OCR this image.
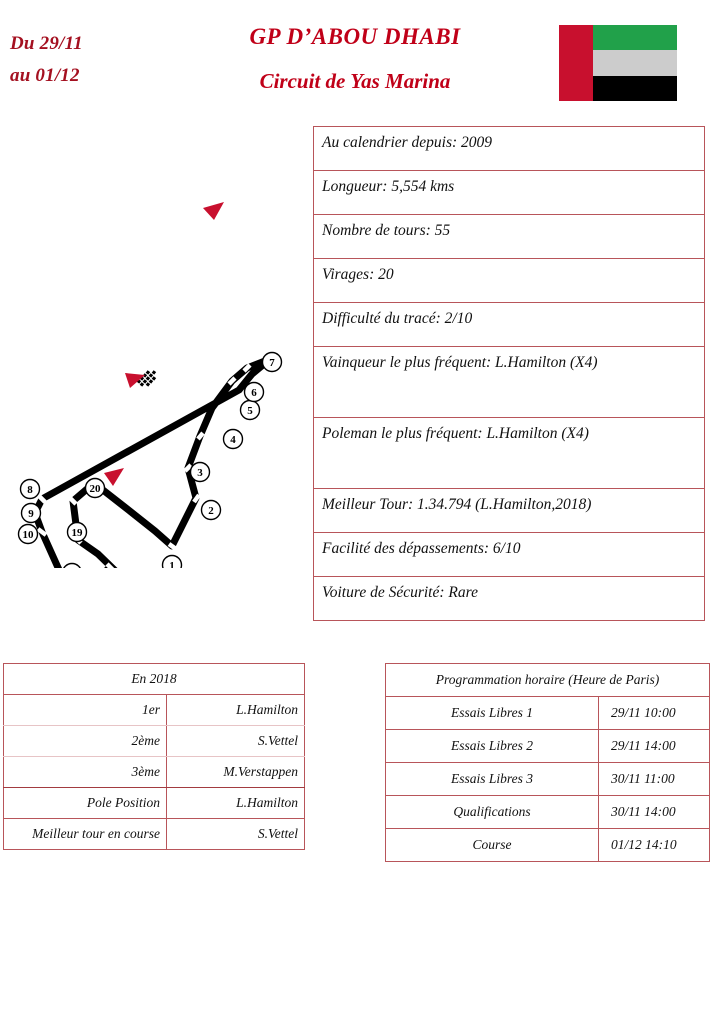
Du 29/11
au 01/12
GP D’ABOU DHABI
Circuit de Yas Marina
1
2
3
4
5
6
7
8
9
10	19
20
Au calendrier depuis: 2009
Longueur: 5,554 kms
Nombre de tours: 55
Virages: 20
Difficulté du tracé: 2/10
Vainqueur le plus fréquent: L.Hamilton (X4)
Poleman le plus fréquent: L.Hamilton (X4)
Meilleur Tour: 1.34.794 (L.Hamilton,2018)
Facilité des dépassements: 6/10
Voiture de Sécurité: Rare
En 2018	
1er	L.Hamilton
2ème	S.Vettel
3ème	M.Verstappen
Pole Position	L.Hamilton
Meilleur tour en course	S.Vettel
Programmation horaire (Heure de Paris)	
Essais Libres 1	29/11 10:00
Essais Libres 2	29/11 14:00
Essais Libres 3	30/11 11:00
Qualifications	30/11 14:00
Course	01/12 14:10
